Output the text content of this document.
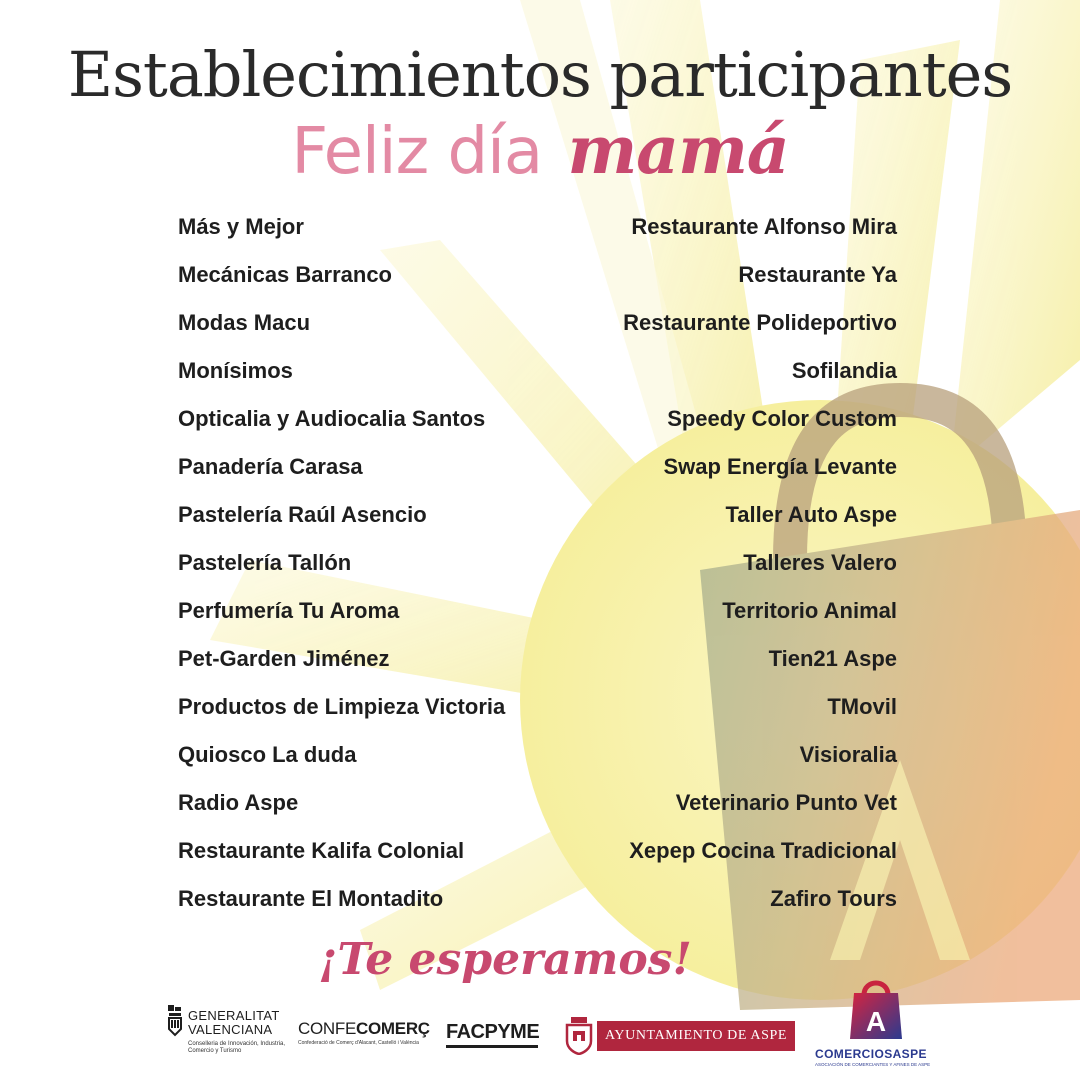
Establecimientos participantes
Feliz día mamá
Más y Mejor
Mecánicas Barranco
Modas Macu
Monísimos
Opticalia y Audiocalia Santos
Panadería Carasa
Pastelería Raúl Asencio
Pastelería Tallón
Perfumería Tu Aroma
Pet-Garden Jiménez
Productos de Limpieza Victoria
Quiosco La duda
Radio Aspe
Restaurante Kalifa Colonial
Restaurante El Montadito
Restaurante Alfonso Mira
Restaurante Ya
Restaurante Polideportivo
Sofilandia
Speedy Color Custom
Swap Energía Levante
Taller Auto Aspe
Talleres Valero
Territorio Animal
Tien21 Aspe
TMovil
Visioralia
Veterinario Punto Vet
Xepep Cocina Tradicional
Zafiro Tours
¡Te esperamos!
GENERALITAT
VALENCIANA
Conselleria de Innovación, Industria, Comercio y Turismo
CONFECOMERÇ
Confederació de Comerç d'Alacant, Castelló i València	FACPYME	AYUNTAMIENTO DE ASPE	A
COMERCIOSASPE
ASOCIACIÓN DE COMERCIANTES Y AFINES DE ASPE
